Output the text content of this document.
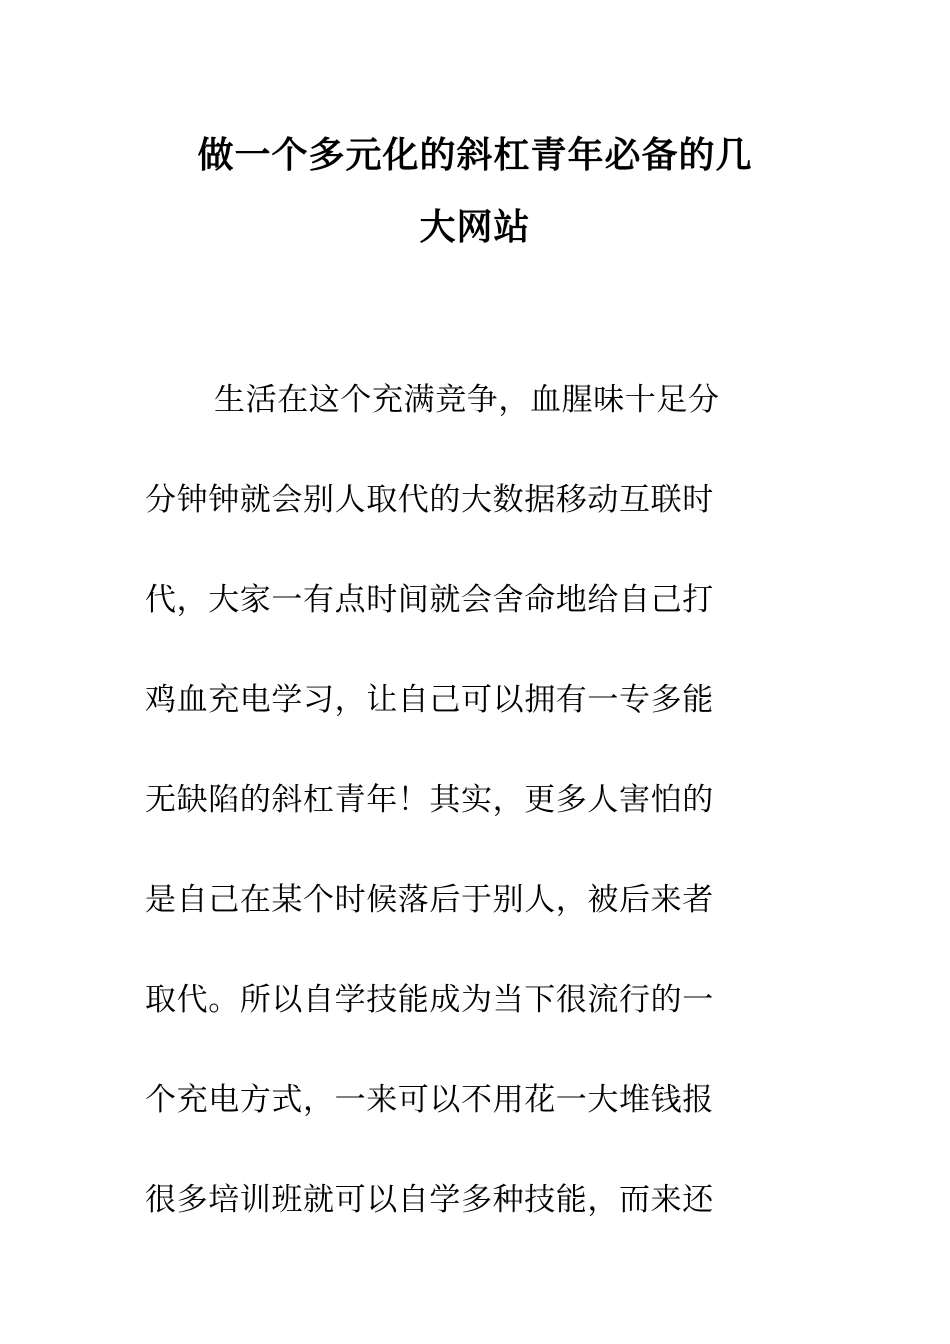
做一个多元化的斜杠青年必备的几
大网站
生活在这个充满竞争，血腥味十足分
分钟钟就会别人取代的大数据移动互联时
代，大家一有点时间就会舍命地给自己打
鸡血充电学习，让自己可以拥有一专多能
无缺陷的斜杠青年！其实，更多人害怕的
是自己在某个时候落后于别人，被后来者
取代。所以自学技能成为当下很流行的一
个充电方式，一来可以不用花一大堆钱报
很多培训班就可以自学多种技能，而来还
